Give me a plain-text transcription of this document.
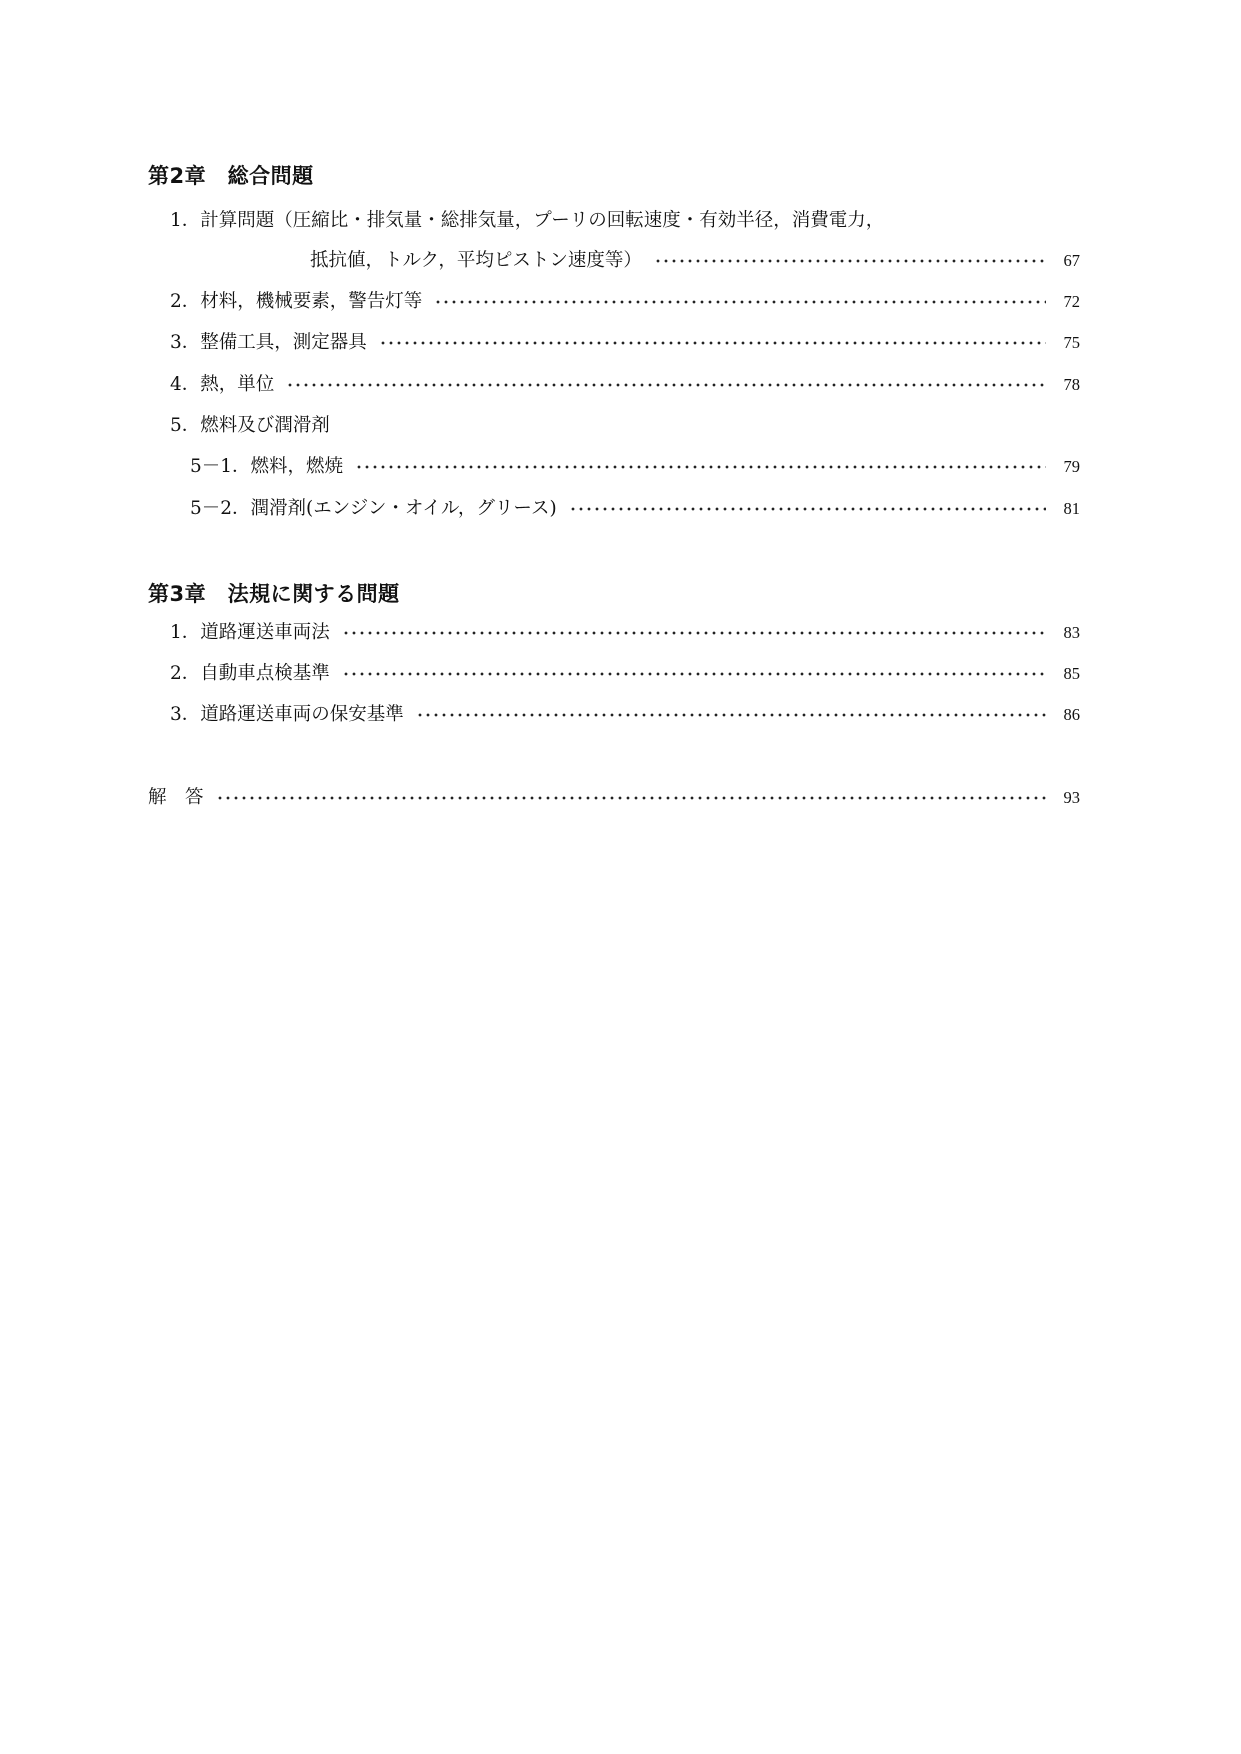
第2章　総合問題
1．計算問題（圧縮比・排気量・総排気量，プーリの回転速度・有効半径，消費電力，
抵抗値，トルク，平均ピストン速度等）	67
2． 材料，機械要素，警告灯等	72
3． 整備工具，測定器具	75
4． 熱，単位	78
5．燃料及び潤滑剤
5－1． 燃料，燃焼	79
5－2． 潤滑剤(エンジン・オイル，グリース)	81
第3章　法規に関する問題
1． 道路運送車両法	83
2． 自動車点検基準	85
3． 道路運送車両の保安基準	86
解　答	93
